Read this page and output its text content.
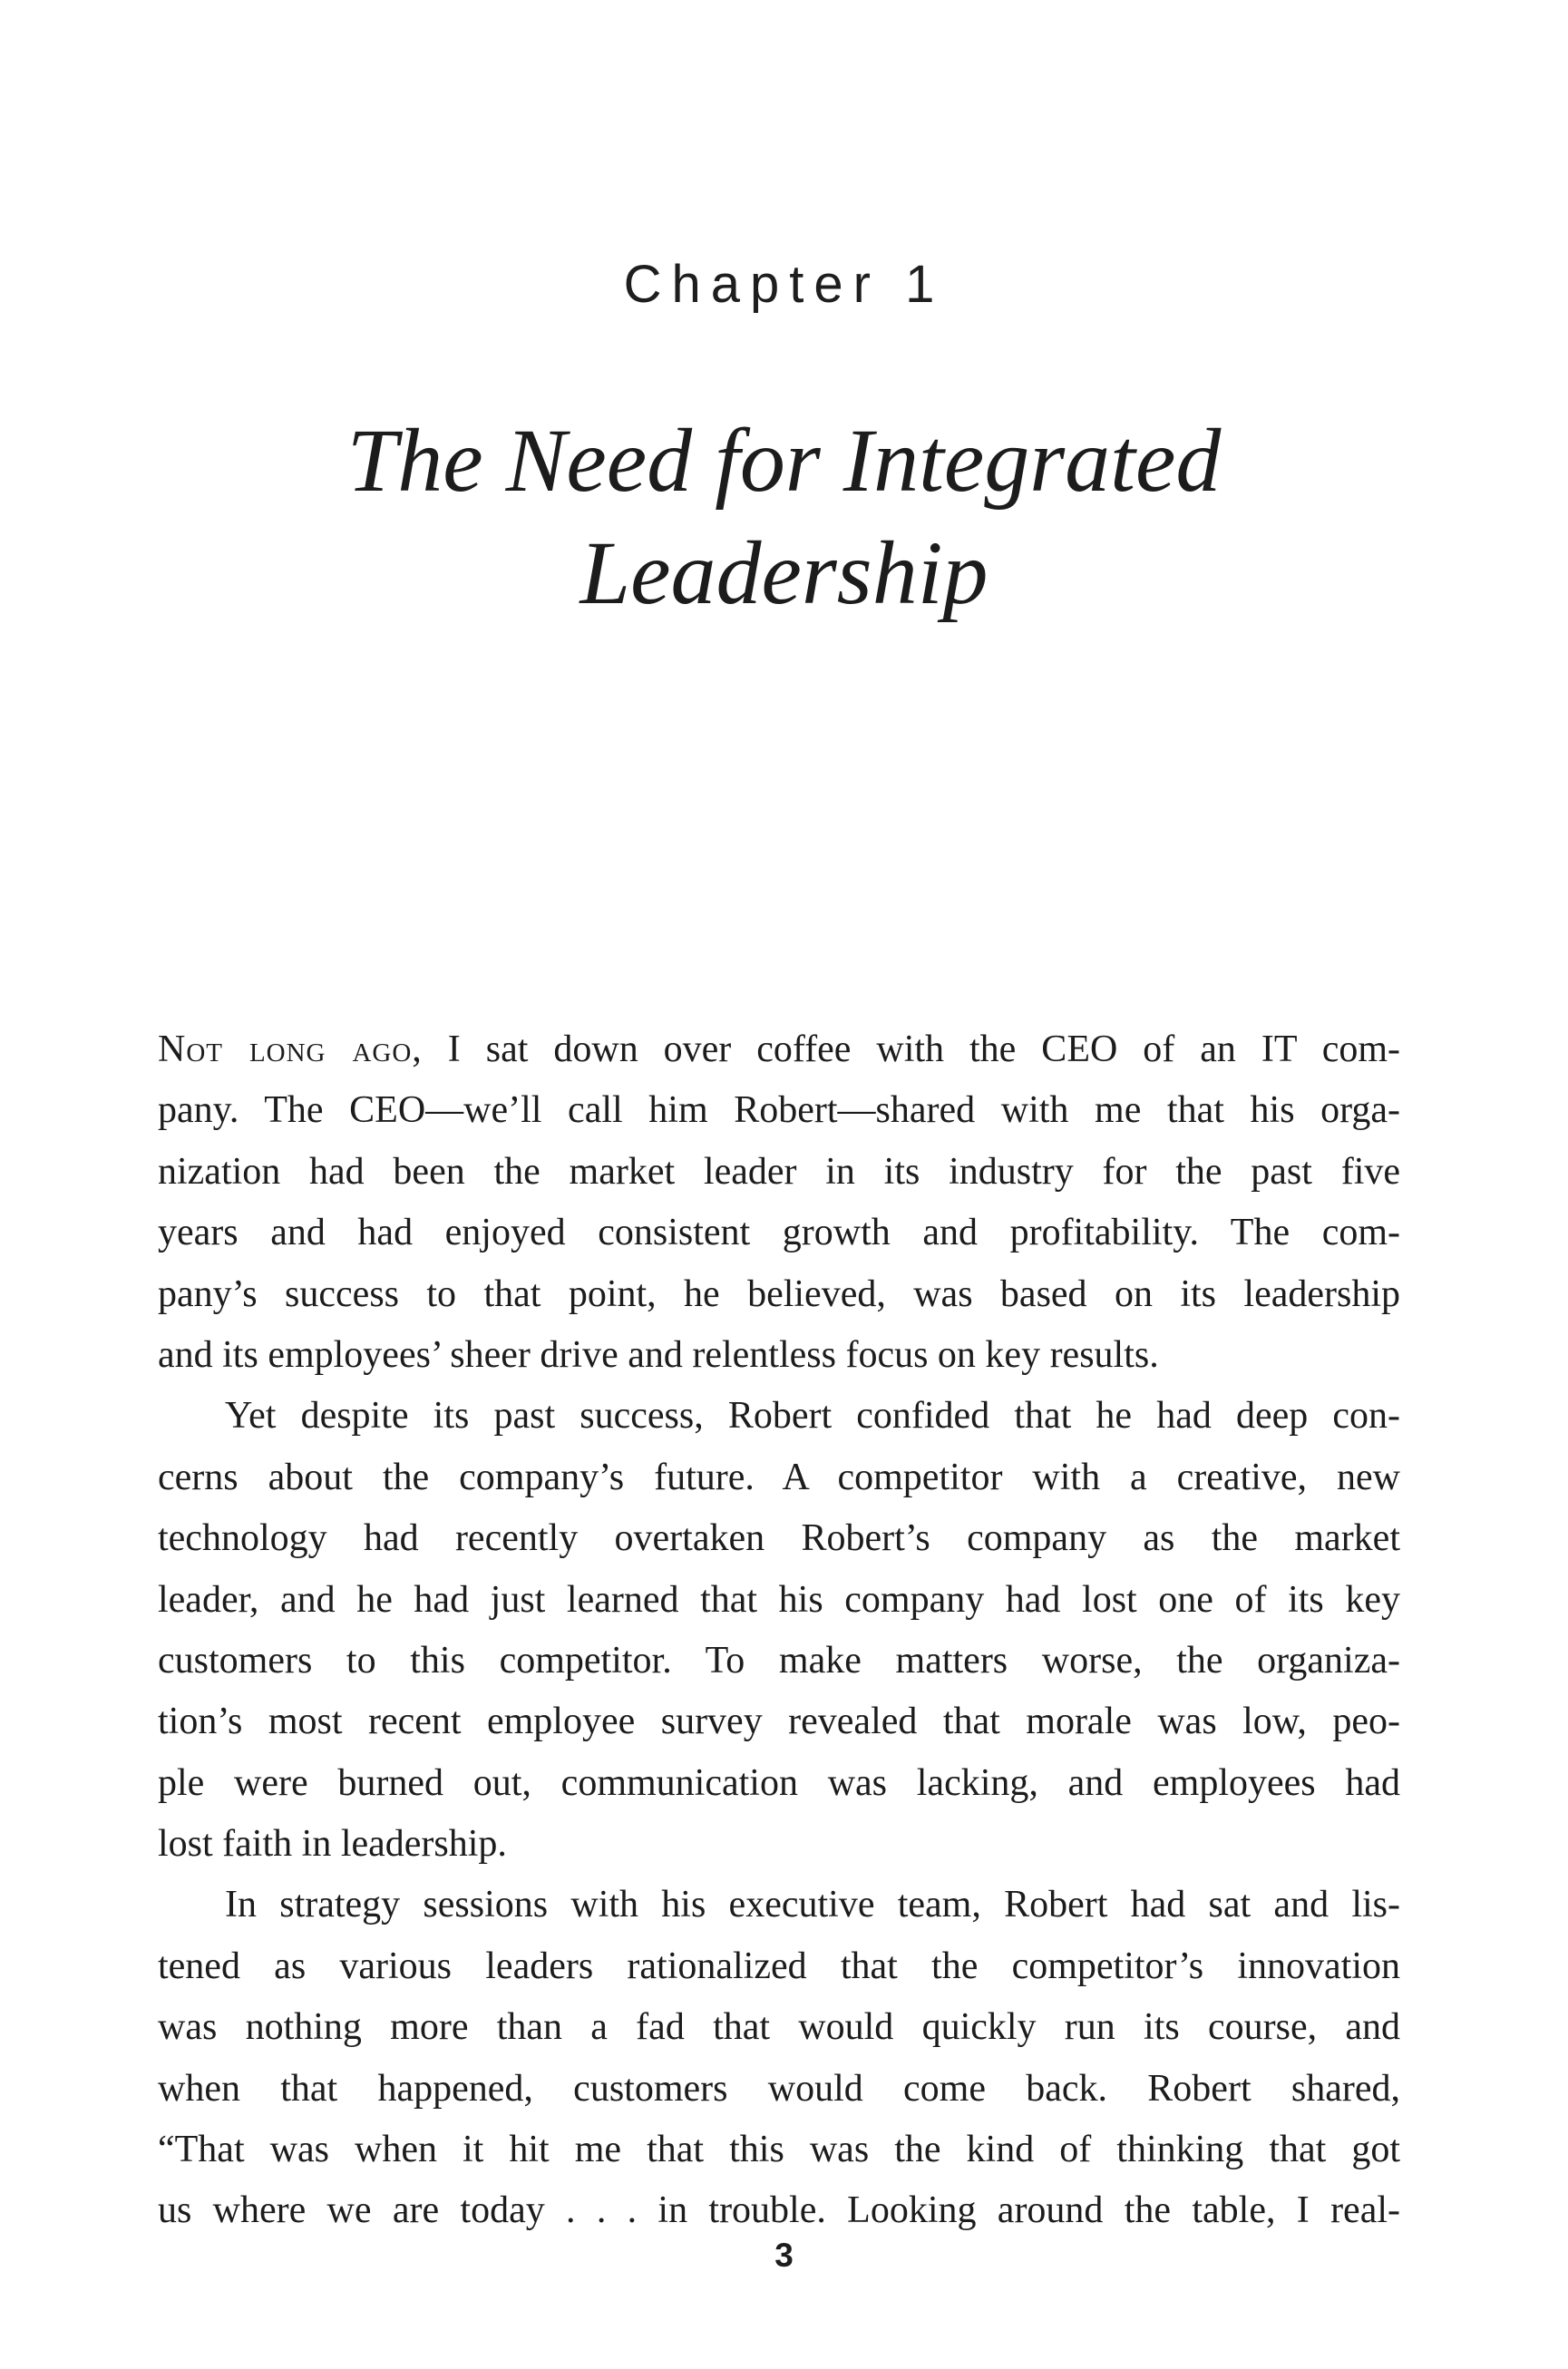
Chapter 1
The Need for Integrated
Leadership
Not long ago, I sat down over coffee with the CEO of an IT com-
pany. The CEO—we’ll call him Robert—shared with me that his orga-
nization had been the market leader in its industry for the past five
years and had enjoyed consistent growth and profitability. The com-
pany’s success to that point, he believed, was based on its leadership
and its employees’ sheer drive and relentless focus on key results.
Yet despite its past success, Robert confided that he had deep con-
cerns about the company’s future. A competitor with a creative, new
technology had recently overtaken Robert’s company as the market
leader, and he had just learned that his company had lost one of its key
customers to this competitor. To make matters worse, the organiza-
tion’s most recent employee survey revealed that morale was low, peo-
ple were burned out, communication was lacking, and employees had
lost faith in leadership.
In strategy sessions with his executive team, Robert had sat and lis-
tened as various leaders rationalized that the competitor’s innovation
was nothing more than a fad that would quickly run its course, and
when that happened, customers would come back. Robert shared,
“That was when it hit me that this was the kind of thinking that got
us where we are today . . . in trouble. Looking around the table, I real-
3
